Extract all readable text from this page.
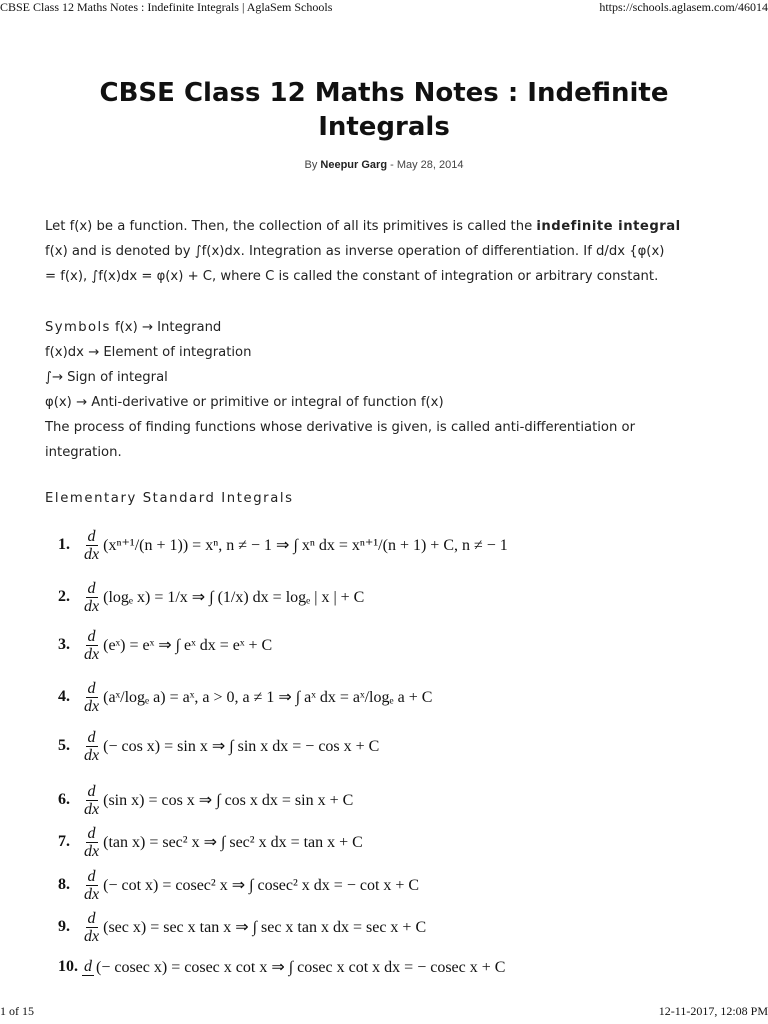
CBSE Class 12 Maths Notes : Indefinite Integrals | AglaSem Schools	https://schools.aglasem.com/46014
CBSE Class 12 Maths Notes : Indefinite Integrals
By Neepur Garg - May 28, 2014
Let f(x) be a function. Then, the collection of all its primitives is called the indefinite integral
f(x) and is denoted by ∫f(x)dx. Integration as inverse operation of differentiation. If d/dx {φ(x)
= f(x), ∫f(x)dx = φ(x) + C, where C is called the constant of integration or arbitrary constant.
Symbols f(x) → Integrand
f(x)dx → Element of integration
∫→ Sign of integral
φ(x) → Anti-derivative or primitive or integral of function f(x)
The process of finding functions whose derivative is given, is called anti-differentiation or
integration.
Elementary Standard Integrals
1. $\frac{d}{dx} (x^{n+1}/(n + 1)) = x^n$, n ≠ − 1 ⇒ ∫ xⁿ dx = xⁿ⁺¹/(n + 1) + C, n ≠ − 1
2. $\frac{d}{dx} (\log_e$ x) = 1/x ⇒ ∫ (1/x) dx = logₑ | x | + C
3. $\frac{d}{dx}$ (eˣ) = eˣ ⇒ ∫ eˣ dx = eˣ + C
4. $\frac{d}{dx}$ (aˣ/logₑ a) = aˣ, a > 0, a ≠ 1 ⇒ ∫ aˣ dx = aˣ/logₑ a + C
5. $\frac{d}{dx}$ (− cos x) = sin x ⇒ ∫ sin x dx = − cos x + C
6. $\frac{d}{dx} (\sin$ x) = cos x ⇒ ∫ cos x dx = sin x + C
7. $\frac{d}{dx} (\tan$ x) = sec² x ⇒ ∫ sec² x dx = tan x + C
8. $\frac{d}{dx}$ (− cot x) = cosec² x ⇒ ∫ cosec² x dx = − cot x + C
9. $\frac{d}{dx} (\sec$ x) = sec x tan x ⇒ ∫ sec x tan x dx = sec x + C
10. d (− cosec x) = cosec x cot x ⇒ ∫ cosec x cot x dx = − cosec x + C
1 of 15	12-11-2017, 12:08 PM
